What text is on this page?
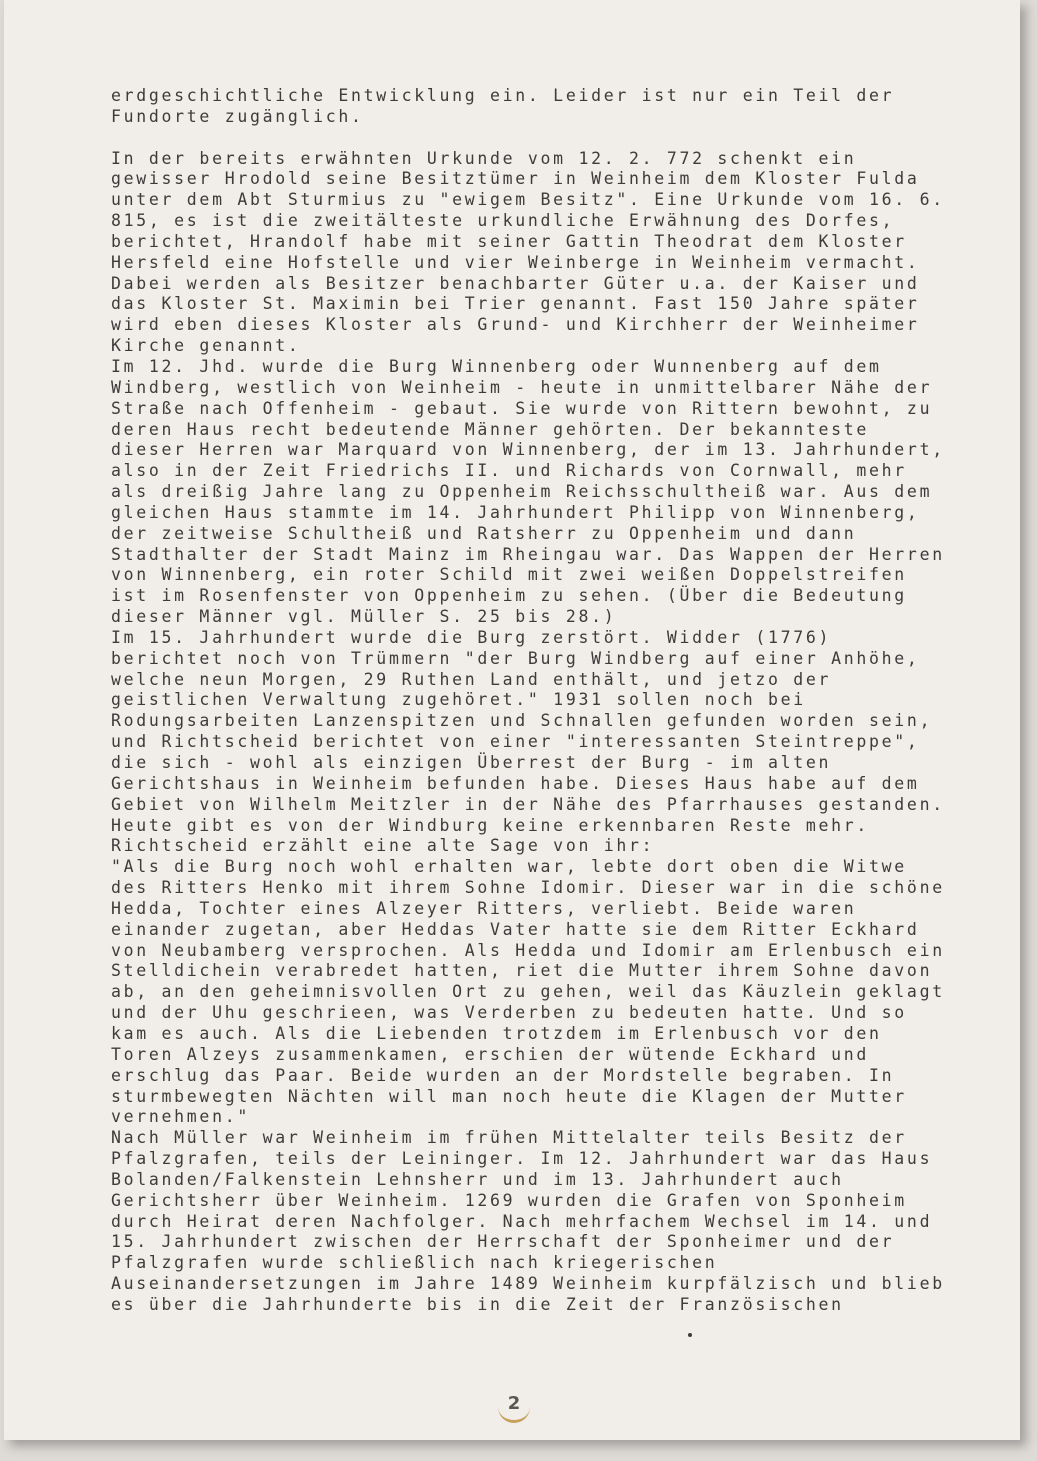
erdgeschichtliche Entwicklung ein. Leider ist nur ein Teil der
Fundorte zugänglich.
In der bereits erwähnten Urkunde vom 12. 2. 772 schenkt ein
gewisser Hrodold seine Besitztümer in Weinheim dem Kloster Fulda
unter dem Abt Sturmius zu "ewigem Besitz". Eine Urkunde vom 16. 6.
815, es ist die zweitälteste urkundliche Erwähnung des Dorfes,
berichtet, Hrandolf habe mit seiner Gattin Theodrat dem Kloster
Hersfeld eine Hofstelle und vier Weinberge in Weinheim vermacht.
Dabei werden als Besitzer benachbarter Güter u.a. der Kaiser und
das Kloster St. Maximin bei Trier genannt. Fast 150 Jahre später
wird eben dieses Kloster als Grund- und Kirchherr der Weinheimer
Kirche genannt.
Im 12. Jhd. wurde die Burg Winnenberg oder Wunnenberg auf dem
Windberg, westlich von Weinheim - heute in unmittelbarer Nähe der
Straße nach Offenheim - gebaut. Sie wurde von Rittern bewohnt, zu
deren Haus recht bedeutende Männer gehörten. Der bekannteste
dieser Herren war Marquard von Winnenberg, der im 13. Jahrhundert,
also in der Zeit Friedrichs II. und Richards von Cornwall, mehr
als dreißig Jahre lang zu Oppenheim Reichsschultheiß war. Aus dem
gleichen Haus stammte im 14. Jahrhundert Philipp von Winnenberg,
der zeitweise Schultheiß und Ratsherr zu Oppenheim und dann
Stadthalter der Stadt Mainz im Rheingau war. Das Wappen der Herren
von Winnenberg, ein roter Schild mit zwei weißen Doppelstreifen
ist im Rosenfenster von Oppenheim zu sehen. (Über die Bedeutung
dieser Männer vgl. Müller S. 25 bis 28.)
Im 15. Jahrhundert wurde die Burg zerstört. Widder (1776)
berichtet noch von Trümmern "der Burg Windberg auf einer Anhöhe,
welche neun Morgen, 29 Ruthen Land enthält, und jetzo der
geistlichen Verwaltung zugehöret." 1931 sollen noch bei
Rodungsarbeiten Lanzenspitzen und Schnallen gefunden worden sein,
und Richtscheid berichtet von einer "interessanten Steintreppe",
die sich - wohl als einzigen Überrest der Burg - im alten
Gerichtshaus in Weinheim befunden habe. Dieses Haus habe auf dem
Gebiet von Wilhelm Meitzler in der Nähe des Pfarrhauses gestanden.
Heute gibt es von der Windburg keine erkennbaren Reste mehr.
Richtscheid erzählt eine alte Sage von ihr:
"Als die Burg noch wohl erhalten war, lebte dort oben die Witwe
des Ritters Henko mit ihrem Sohne Idomir. Dieser war in die schöne
Hedda, Tochter eines Alzeyer Ritters, verliebt. Beide waren
einander zugetan, aber Heddas Vater hatte sie dem Ritter Eckhard
von Neubamberg versprochen. Als Hedda und Idomir am Erlenbusch ein
Stelldichein verabredet hatten, riet die Mutter ihrem Sohne davon
ab, an den geheimnisvollen Ort zu gehen, weil das Käuzlein geklagt
und der Uhu geschrieen, was Verderben zu bedeuten hatte. Und so
kam es auch. Als die Liebenden trotzdem im Erlenbusch vor den
Toren Alzeys zusammenkamen, erschien der wütende Eckhard und
erschlug das Paar. Beide wurden an der Mordstelle begraben. In
sturmbewegten Nächten will man noch heute die Klagen der Mutter
vernehmen."
Nach Müller war Weinheim im frühen Mittelalter teils Besitz der
Pfalzgrafen, teils der Leininger. Im 12. Jahrhundert war das Haus
Bolanden/Falkenstein Lehnsherr und im 13. Jahrhundert auch
Gerichtsherr über Weinheim. 1269 wurden die Grafen von Sponheim
durch Heirat deren Nachfolger. Nach mehrfachem Wechsel im 14. und
15. Jahrhundert zwischen der Herrschaft der Sponheimer und der
Pfalzgrafen wurde schließlich nach kriegerischen
Auseinandersetzungen im Jahre 1489 Weinheim kurpfälzisch und blieb
es über die Jahrhunderte bis in die Zeit der Französischen
2
